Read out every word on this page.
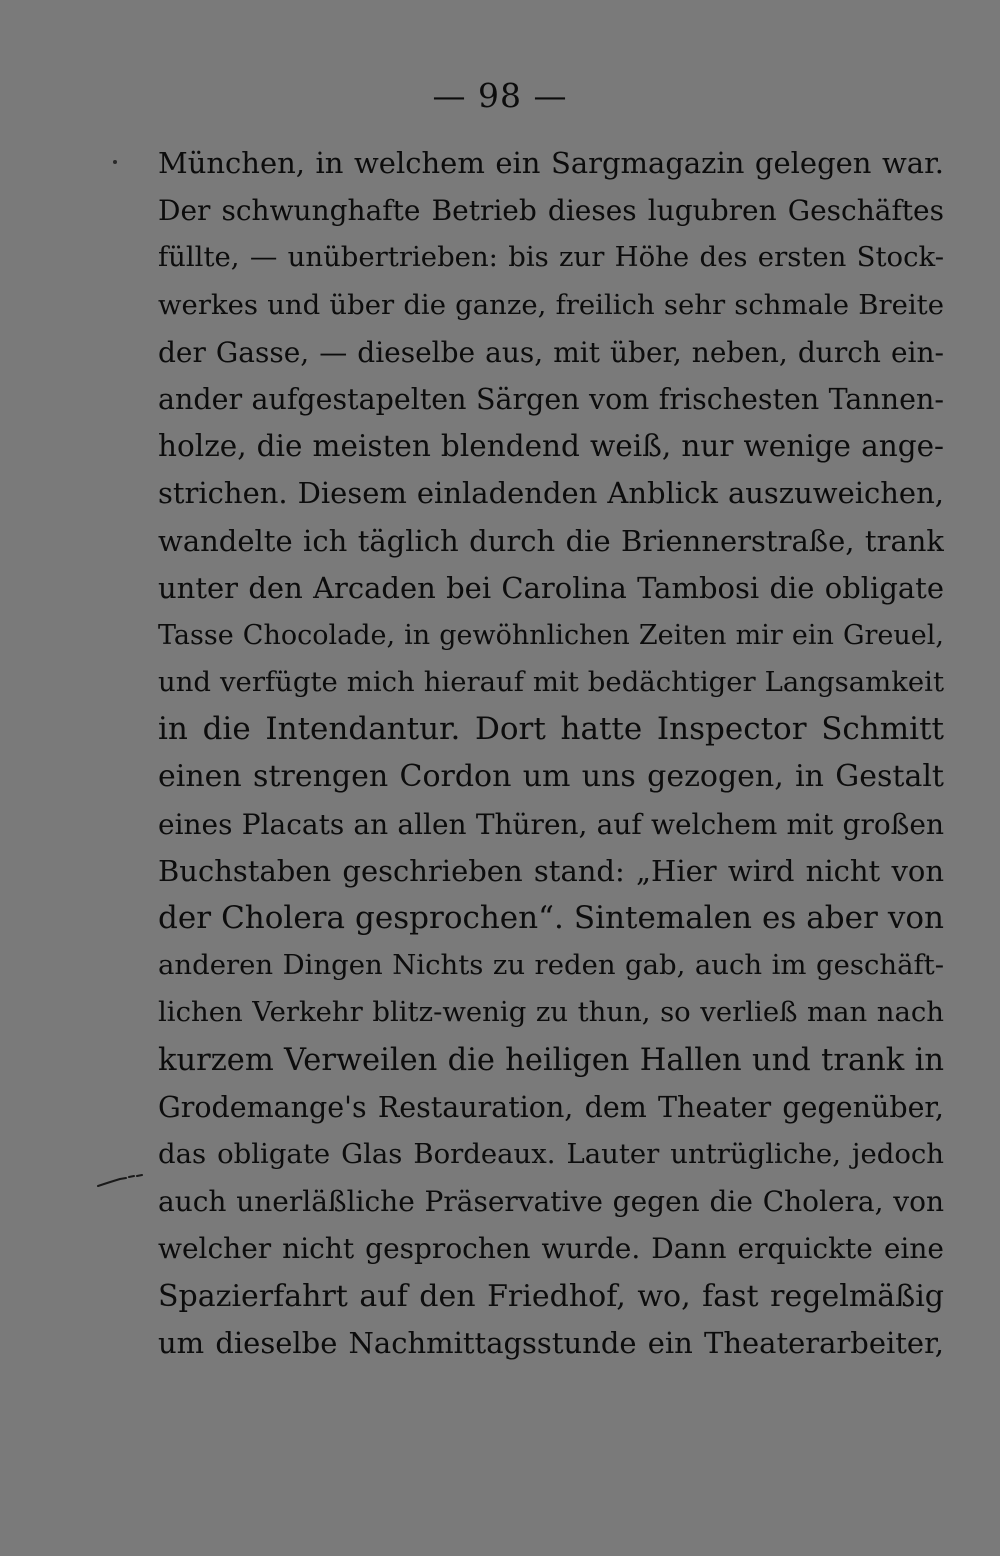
— 98 —
München, in welchem ein Sargmagazin gelegen war.
Der schwunghafte Betrieb dieses lugubren Geschäftes
füllte, — unübertrieben: bis zur Höhe des ersten Stock-
werkes und über die ganze, freilich sehr schmale Breite
der Gasse, — dieselbe aus, mit über, neben, durch ein-
ander aufgestapelten Särgen vom frischesten Tannen-
holze, die meisten blendend weiß, nur wenige ange-
strichen. Diesem einladenden Anblick auszuweichen,
wandelte ich täglich durch die Briennerstraße, trank
unter den Arcaden bei Carolina Tambosi die obligate
Tasse Chocolade, in gewöhnlichen Zeiten mir ein Greuel,
und verfügte mich hierauf mit bedächtiger Langsamkeit
in die Intendantur. Dort hatte Inspector Schmitt
einen strengen Cordon um uns gezogen, in Gestalt
eines Placats an allen Thüren, auf welchem mit großen
Buchstaben geschrieben stand: „Hier wird nicht von
der Cholera gesprochen“. Sintemalen es aber von
anderen Dingen Nichts zu reden gab, auch im geschäft-
lichen Verkehr blitz-wenig zu thun, so verließ man nach
kurzem Verweilen die heiligen Hallen und trank in
Grodemange's Restauration, dem Theater gegenüber,
das obligate Glas Bordeaux. Lauter untrügliche, jedoch
auch unerläßliche Präservative gegen die Cholera, von
welcher nicht gesprochen wurde. Dann erquickte eine
Spazierfahrt auf den Friedhof, wo, fast regelmäßig
um dieselbe Nachmittagsstunde ein Theaterarbeiter,
